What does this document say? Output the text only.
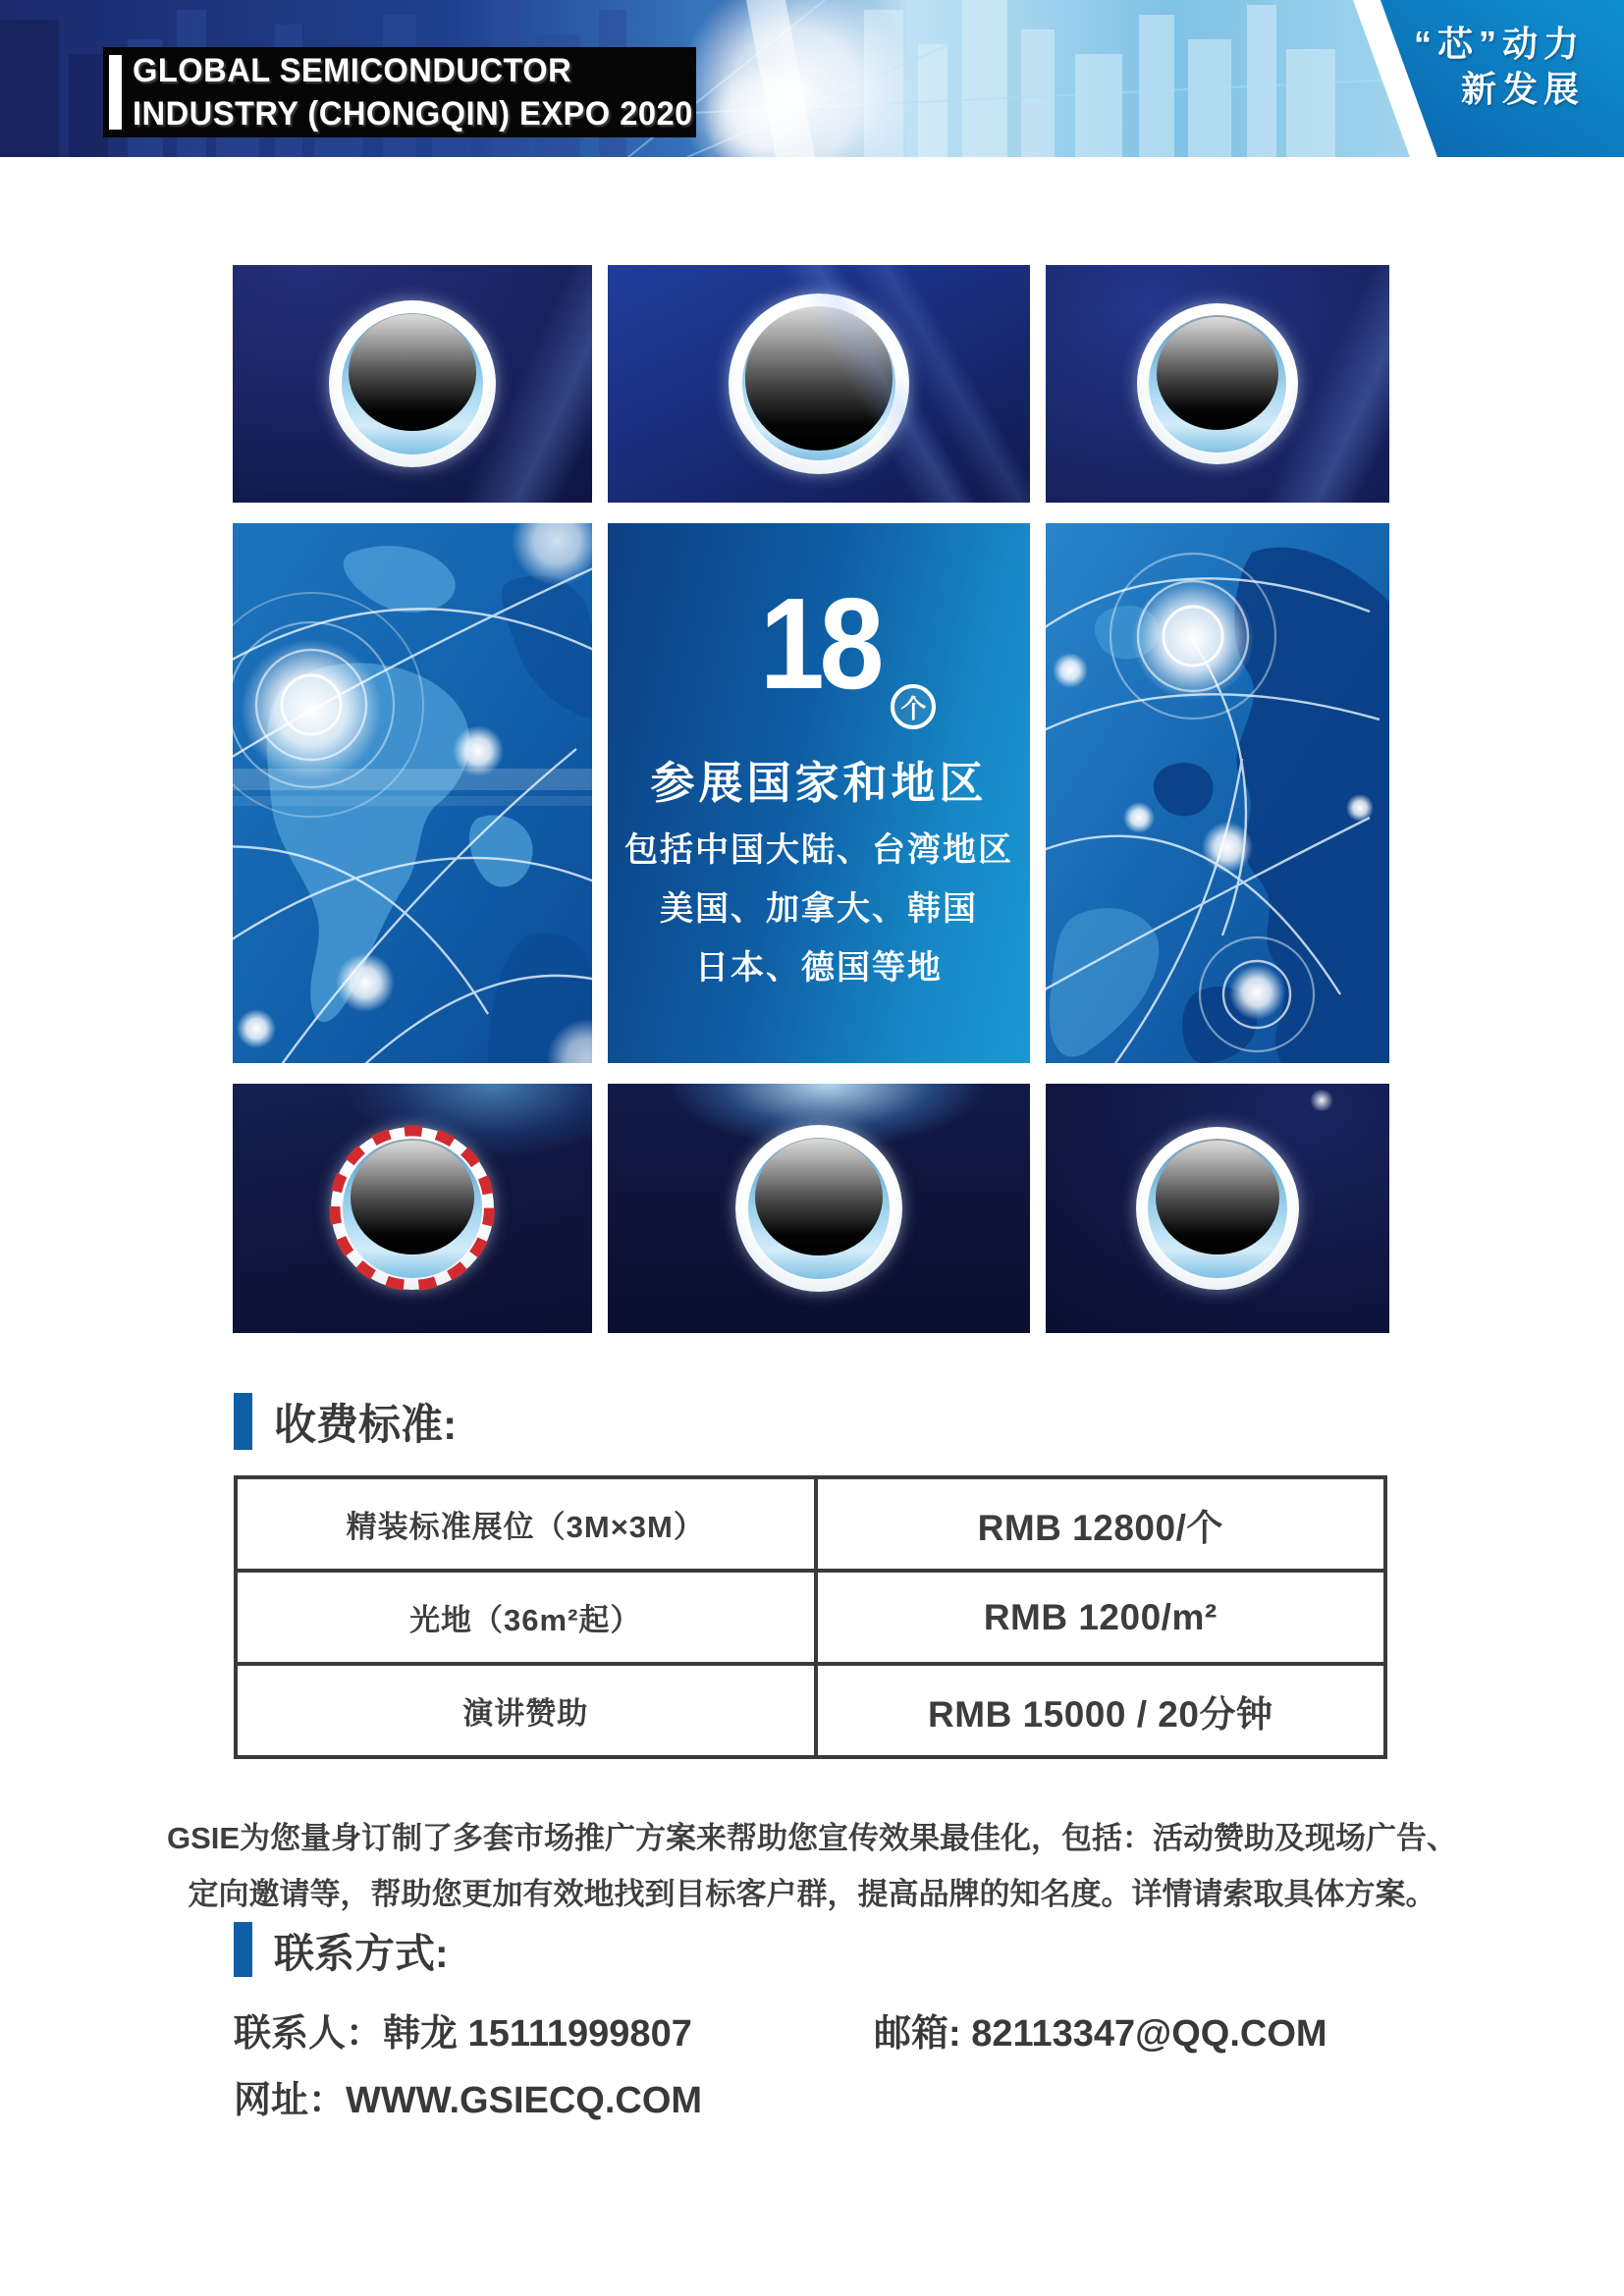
GLOBAL SEMICONDUCTOR
INDUSTRY (CHONGQIN) EXPO 2020
“芯”动力
新发展
18 个
参展国家和地区
包括中国大陆、台湾地区
美国、加拿大、韩国
日本、德国等地
收费标准:
精装标准展位（3M×3M）	RMB 12800/个
光地（36m²起）	RMB 1200/m²
演讲赞助	RMB 15000 / 20分钟
GSIE为您量身订制了多套市场推广方案来帮助您宣传效果最佳化，包括：活动赞助及现场广告、
定向邀请等，帮助您更加有效地找到目标客户群，提高品牌的知名度。详情请索取具体方案。
联系方式:
联系人：韩龙 15111999807	邮箱: 82113347@QQ.COM
网址：WWW.GSIECQ.COM
